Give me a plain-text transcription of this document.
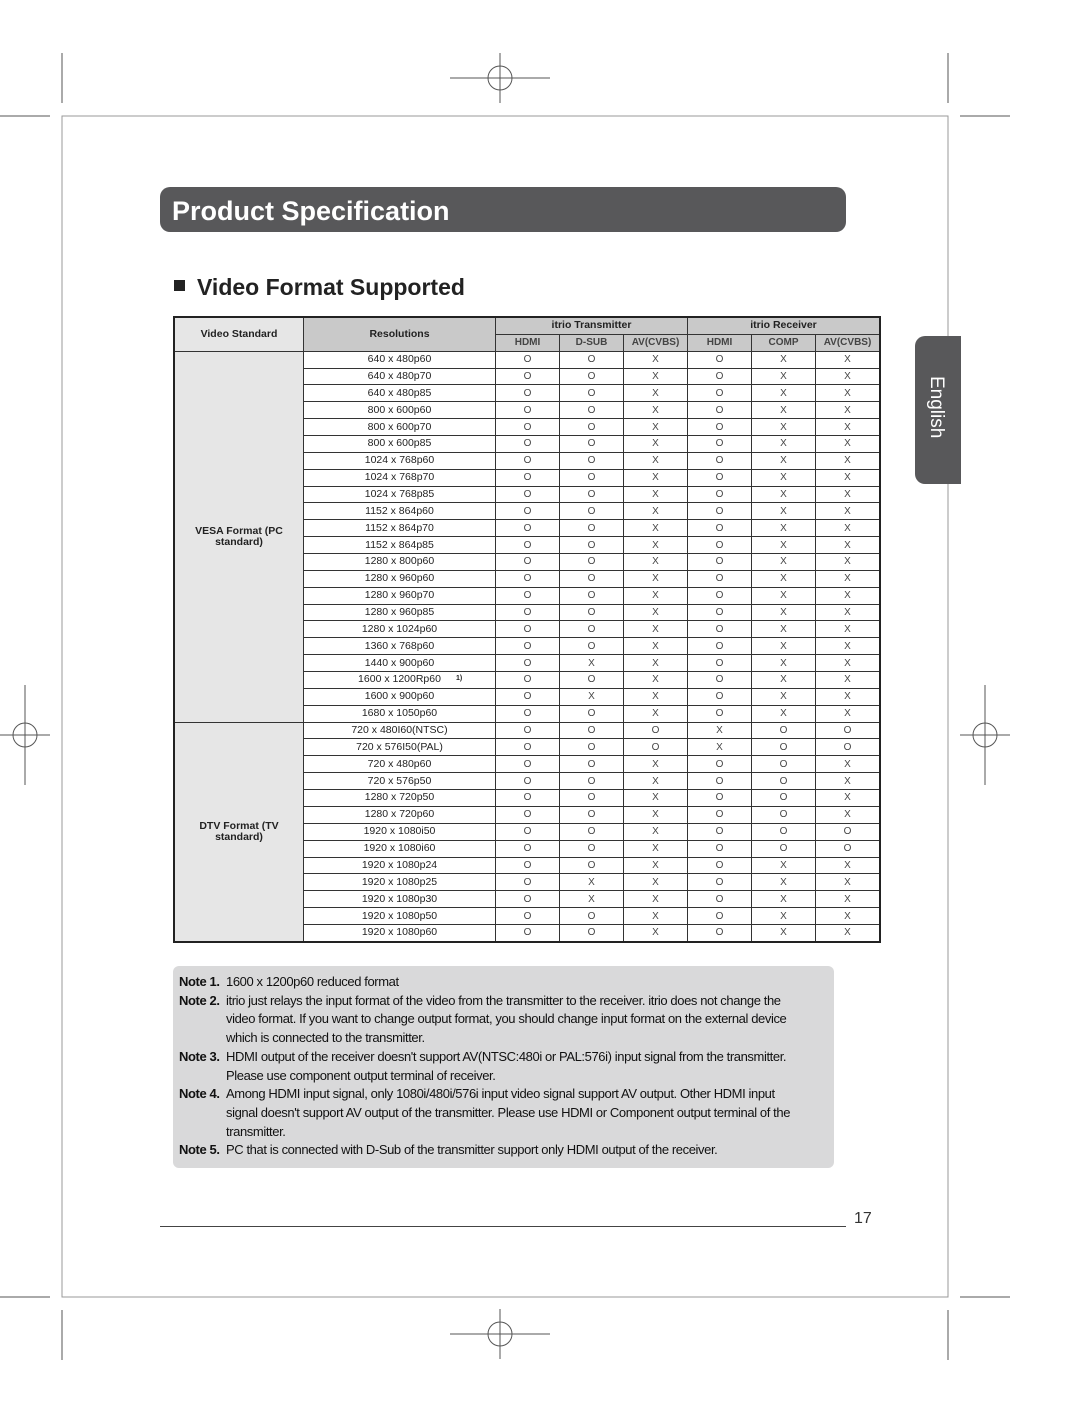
Product Specification
English
Video Format Supported
Video Standard	Resolutions	itrio Transmitter			itrio Receiver		
		HDMI	D-SUB	AV(CVBS)	HDMI	COMP	AV(CVBS)
VESA Format (PC standard)	640 x 480p60	O	O	X	O	X	X
	640 x 480p70	O	O	X	O	X	X
	640 x 480p85	O	O	X	O	X	X
	800 x 600p60	O	O	X	O	X	X
	800 x 600p70	O	O	X	O	X	X
	800 x 600p85	O	O	X	O	X	X
	1024 x 768p60	O	O	X	O	X	X
	1024 x 768p70	O	O	X	O	X	X
	1024 x 768p85	O	O	X	O	X	X
	1152 x 864p60	O	O	X	O	X	X
	1152 x 864p70	O	O	X	O	X	X
	1152 x 864p85	O	O	X	O	X	X
	1280 x 800p60	O	O	X	O	X	X
	1280 x 960p60	O	O	X	O	X	X
	1280 x 960p70	O	O	X	O	X	X
	1280 x 960p85	O	O	X	O	X	X
	1280 x 1024p60	O	O	X	O	X	X
	1360 x 768p60	O	O	X	O	X	X
	1440 x 900p60	O	X	X	O	X	X
	1600 x 1200Rp60 1)	O	O	X	O	X	X
	1600 x 900p60	O	X	X	O	X	X
	1680 x 1050p60	O	O	X	O	X	X
DTV Format (TV standard)	720 x 480I60(NTSC)	O	O	O	X	O	O
	720 x 576I50(PAL)	O	O	O	X	O	O
	720 x 480p60	O	O	X	O	O	X
	720 x 576p50	O	O	X	O	O	X
	1280 x 720p50	O	O	X	O	O	X
	1280 x 720p60	O	O	X	O	O	X
	1920 x 1080i50	O	O	X	O	O	O
	1920 x 1080i60	O	O	X	O	O	O
	1920 x 1080p24	O	O	X	O	X	X
	1920 x 1080p25	O	X	X	O	X	X
	1920 x 1080p30	O	X	X	O	X	X
	1920 x 1080p50	O	O	X	O	X	X
	1920 x 1080p60	O	O	X	O	X	X
Note 1. 1600 x 1200p60 reduced format
Note 2. itrio just relays the input format of the video from the transmitter to the receiver. itrio does not change the
video format. If you want to change output format, you should change input format on the external device
which is connected to the transmitter.
Note 3. HDMI output of the receiver doesn't support AV(NTSC:480i or PAL:576i) input signal from the transmitter.
Please use component output terminal of receiver.
Note 4. Among HDMI input signal, only 1080i/480i/576i input video signal support AV output. Other HDMI input
signal doesn't support AV output of the transmitter. Please use HDMI or Component output terminal of the
transmitter.
Note 5. PC that is connected with D-Sub of the transmitter support only HDMI output of the receiver.
17
